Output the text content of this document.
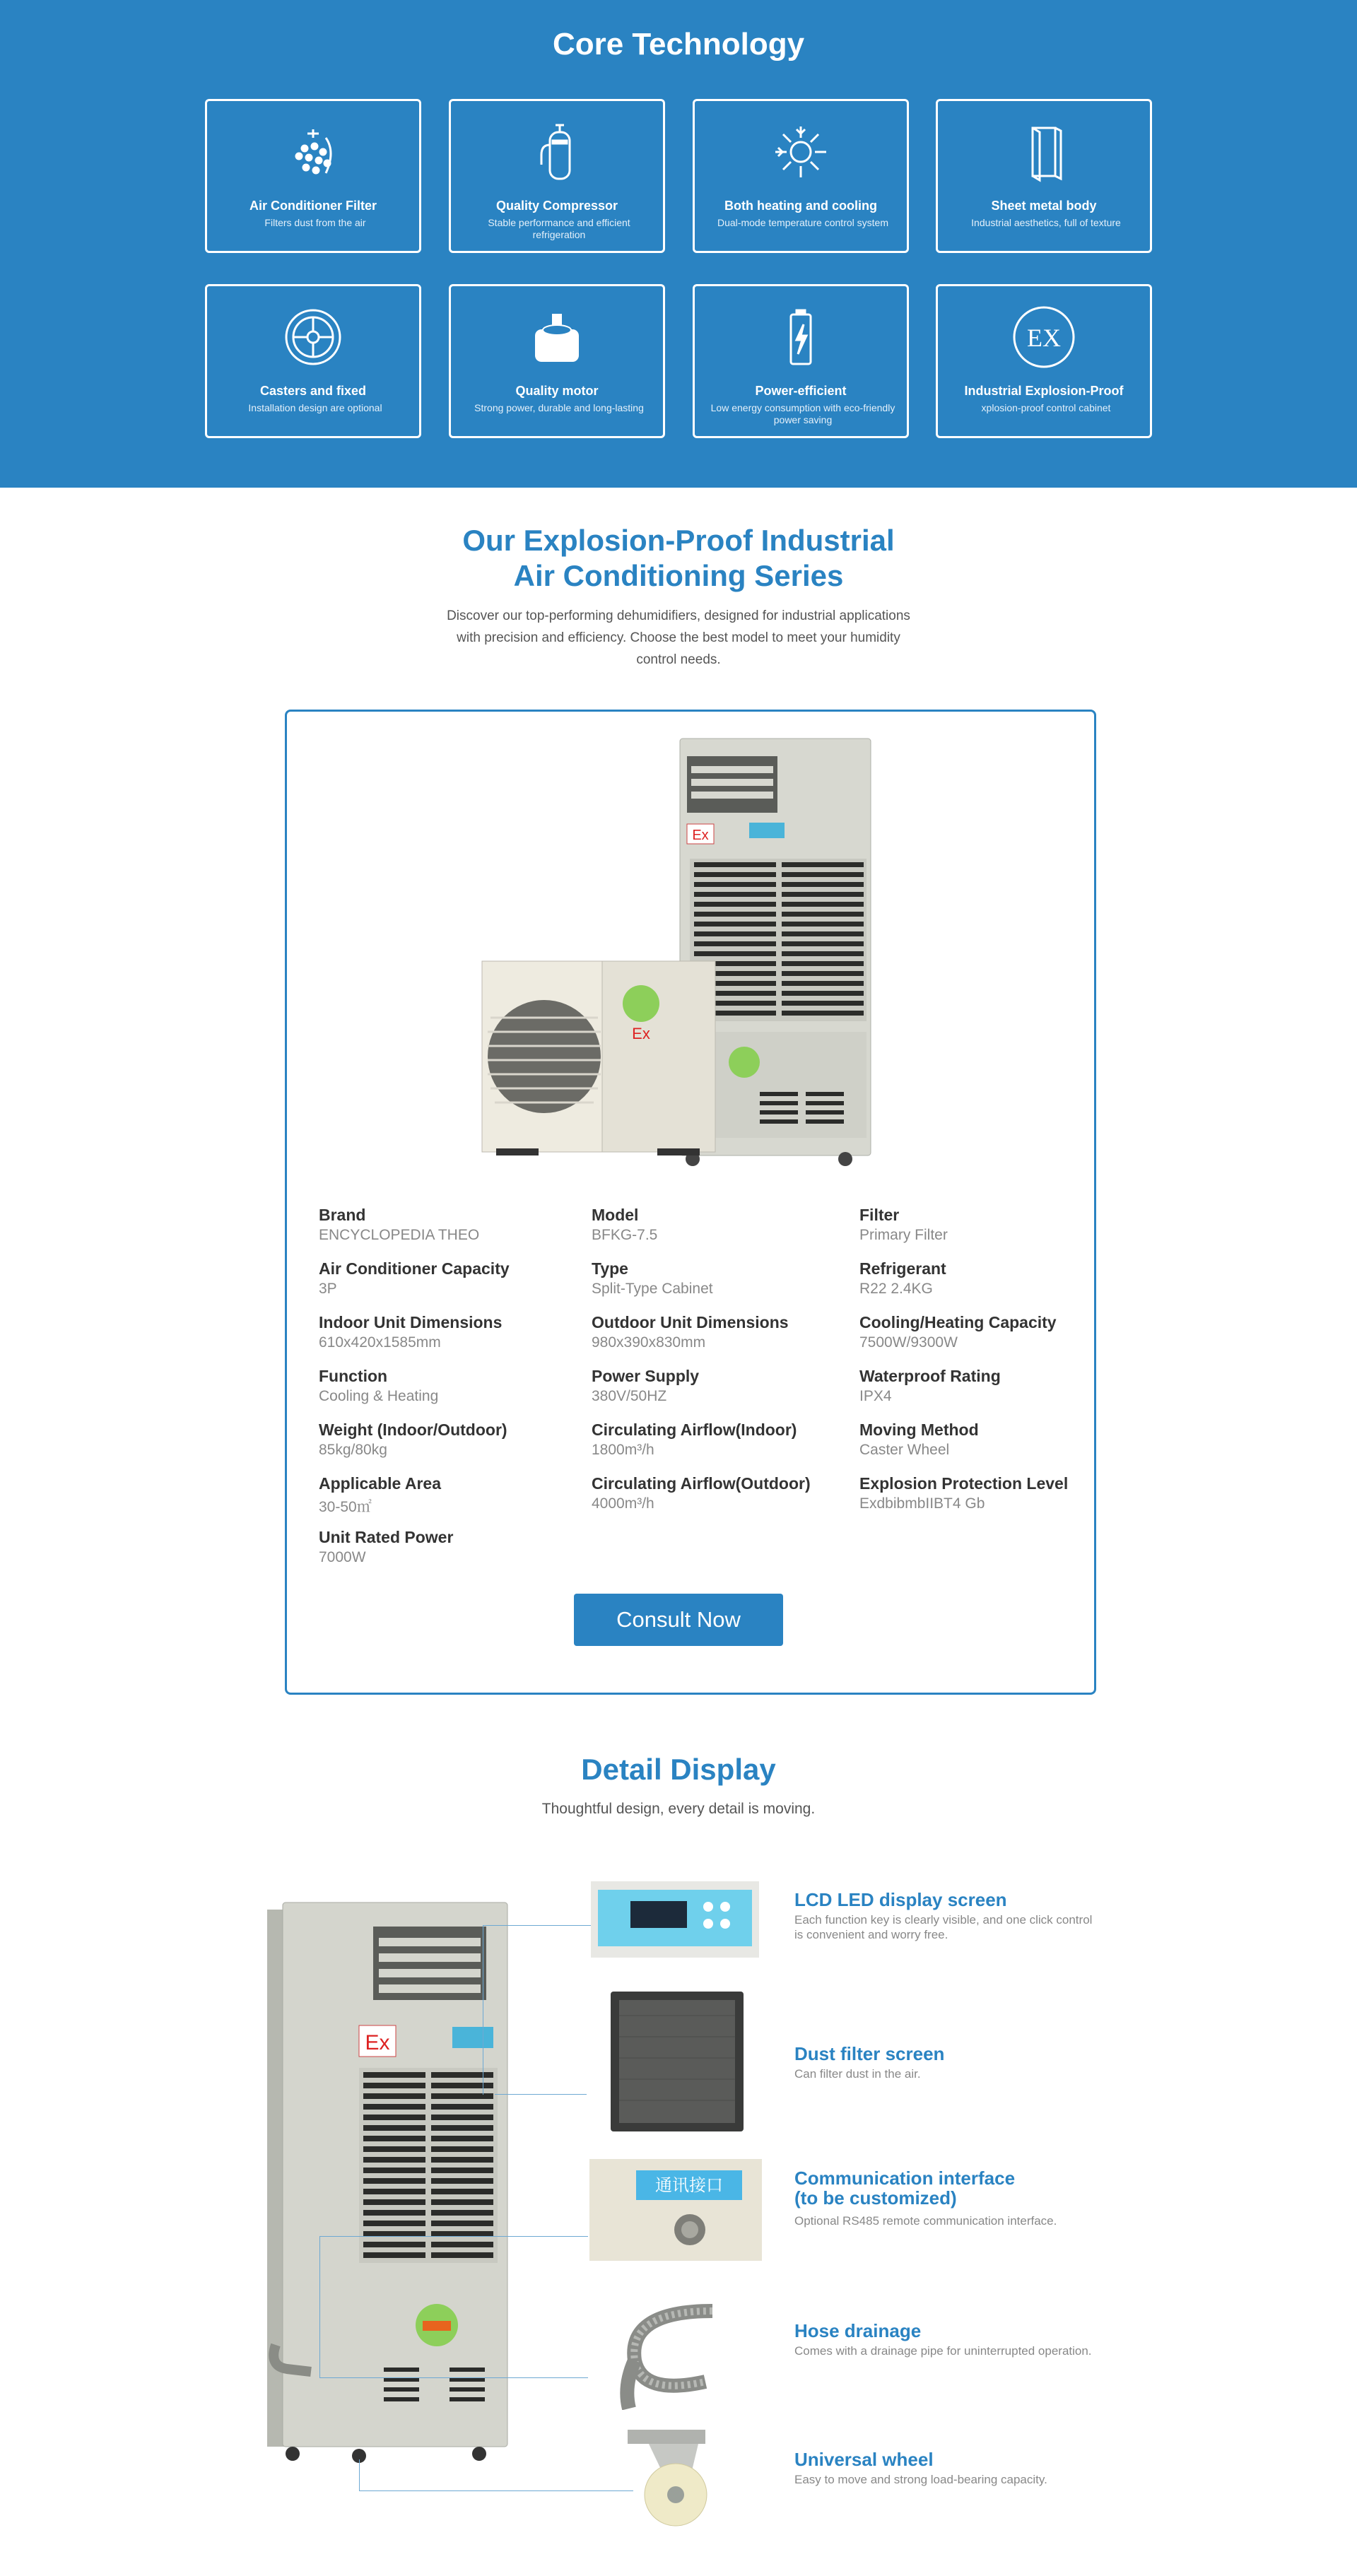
Core Technology
Air Conditioner Filter
Filters dust from the air
Quality Compressor
Stable performance and efficient refrigeration
Both heating and cooling
Dual-mode temperature control system
Sheet metal body
Industrial aesthetics, full of texture
Casters and fixed
Installation design are optional
Quality motor
Strong power, durable and long-lasting
Power-efficient
Low energy consumption with eco-friendly power saving
EX
Industrial Explosion-Proof
xplosion-proof control cabinet
Our Explosion-Proof Industrial
Air Conditioning Series
Discover our top-performing dehumidifiers, designed for industrial applications with precision and efficiency. Choose the best model to meet your humidity control needs.
Ex
Ex
Brand
ENCYCLOPEDIA THEO
Model
BFKG-7.5
Filter
Primary Filter
Air Conditioner Capacity
3P
Type
Split-Type Cabinet
Refrigerant
R22 2.4KG
Indoor Unit Dimensions
610x420x1585mm
Outdoor Unit Dimensions
980x390x830mm
Cooling/Heating Capacity
7500W/9300W
Function
Cooling & Heating
Power Supply
380V/50HZ
Waterproof Rating
IPX4
Weight (Indoor/Outdoor)
85kg/80kg
Circulating Airflow(Indoor)
1800m³/h
Moving Method
Caster Wheel
Applicable Area
30-50㎡
Circulating Airflow(Outdoor)
4000m³/h
Explosion Protection Level
ExdbibmbIIBT4 Gb
Unit Rated Power
7000W
Consult Now
Detail Display
Thoughtful design, every detail is moving.
Ex
通讯接口
LCD LED display screen
Each function key is clearly visible, and one click control is convenient and worry free.
Dust filter screen
Can filter dust in the air.
Communication interface
(to be customized)
Optional RS485 remote communication interface.
Hose drainage
Comes with a drainage pipe for uninterrupted operation.
Universal wheel
Easy to move and strong load-bearing capacity.
